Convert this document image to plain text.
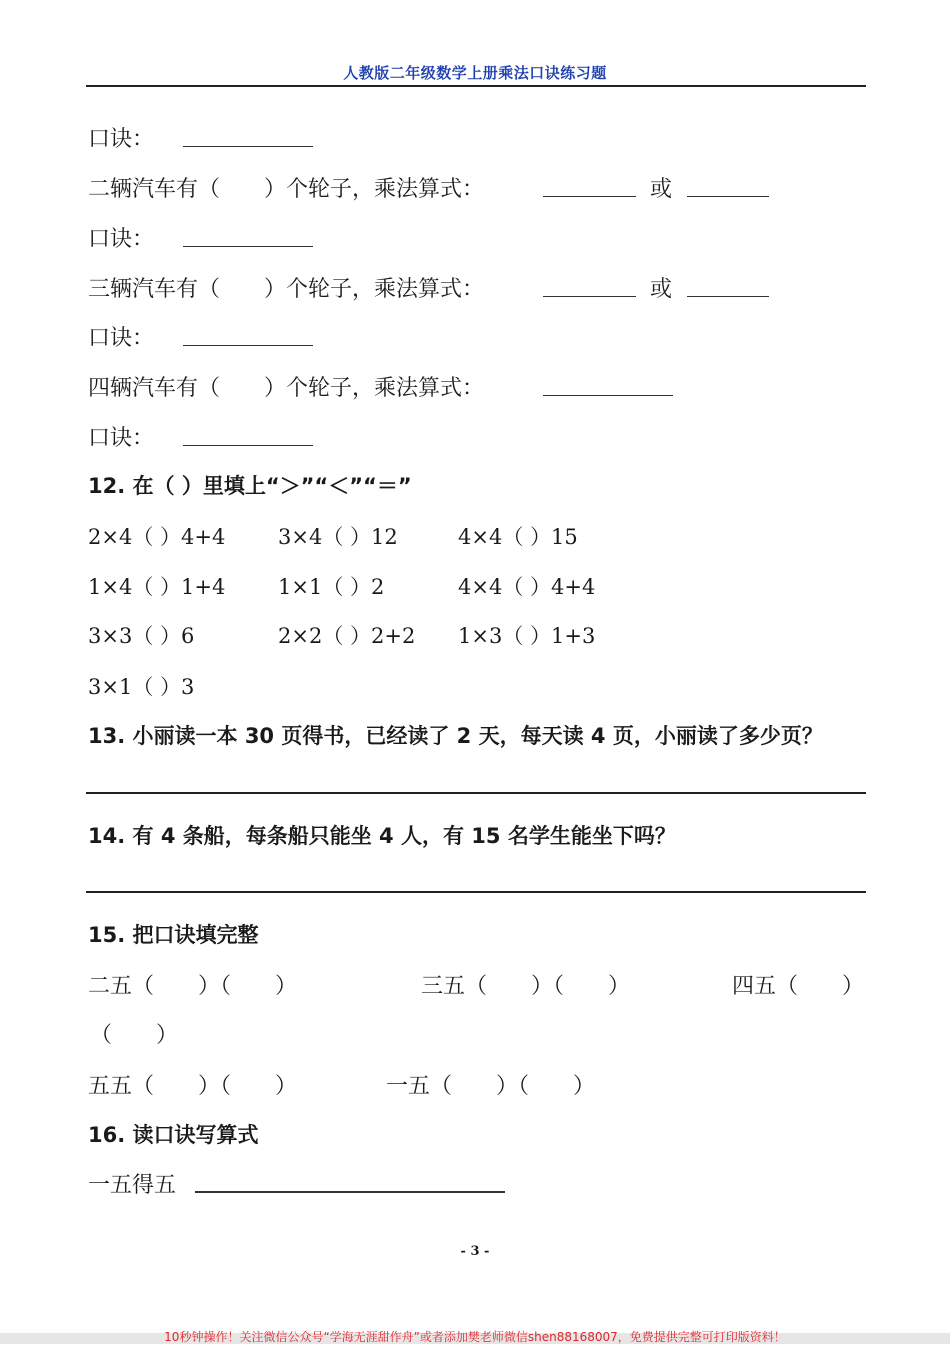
人教版二年级数学上册乘法口诀练习题
口诀：
二辆汽车有（　　）个轮子，乘法算式：	或
口诀：
三辆汽车有（　　）个轮子，乘法算式：	或
口诀：
四辆汽车有（　　）个轮子，乘法算式：
口诀：
12. 在（ ）里填上“＞”“＜”“＝”
2×4（ ）4+4	3×4（ ）12	4×4（ ）15
1×4（ ）1+4	1×1（ ）2	4×4（ ）4+4
3×3（ ）6	2×2（ ）2+2 1×3（ ）1+3
3×1（ ）3
13. 小丽读一本 30 页得书，已经读了 2 天，每天读 4 页，小丽读了多少页？
14. 有 4 条船，每条船只能坐 4 人，有 15 名学生能坐下吗？
15. 把口诀填完整
二五（　　）（　　）	三五（　　）（　　）	四五（　　）
（　　）
五五（　　）（　　）	一五（　　）（　　）
16. 读口诀写算式
一五得五
- 3 -
10秒钟操作！关注微信公众号“学海无涯甜作舟”或者添加樊老师微信shen88168007，免费提供完整可打印版资料！
